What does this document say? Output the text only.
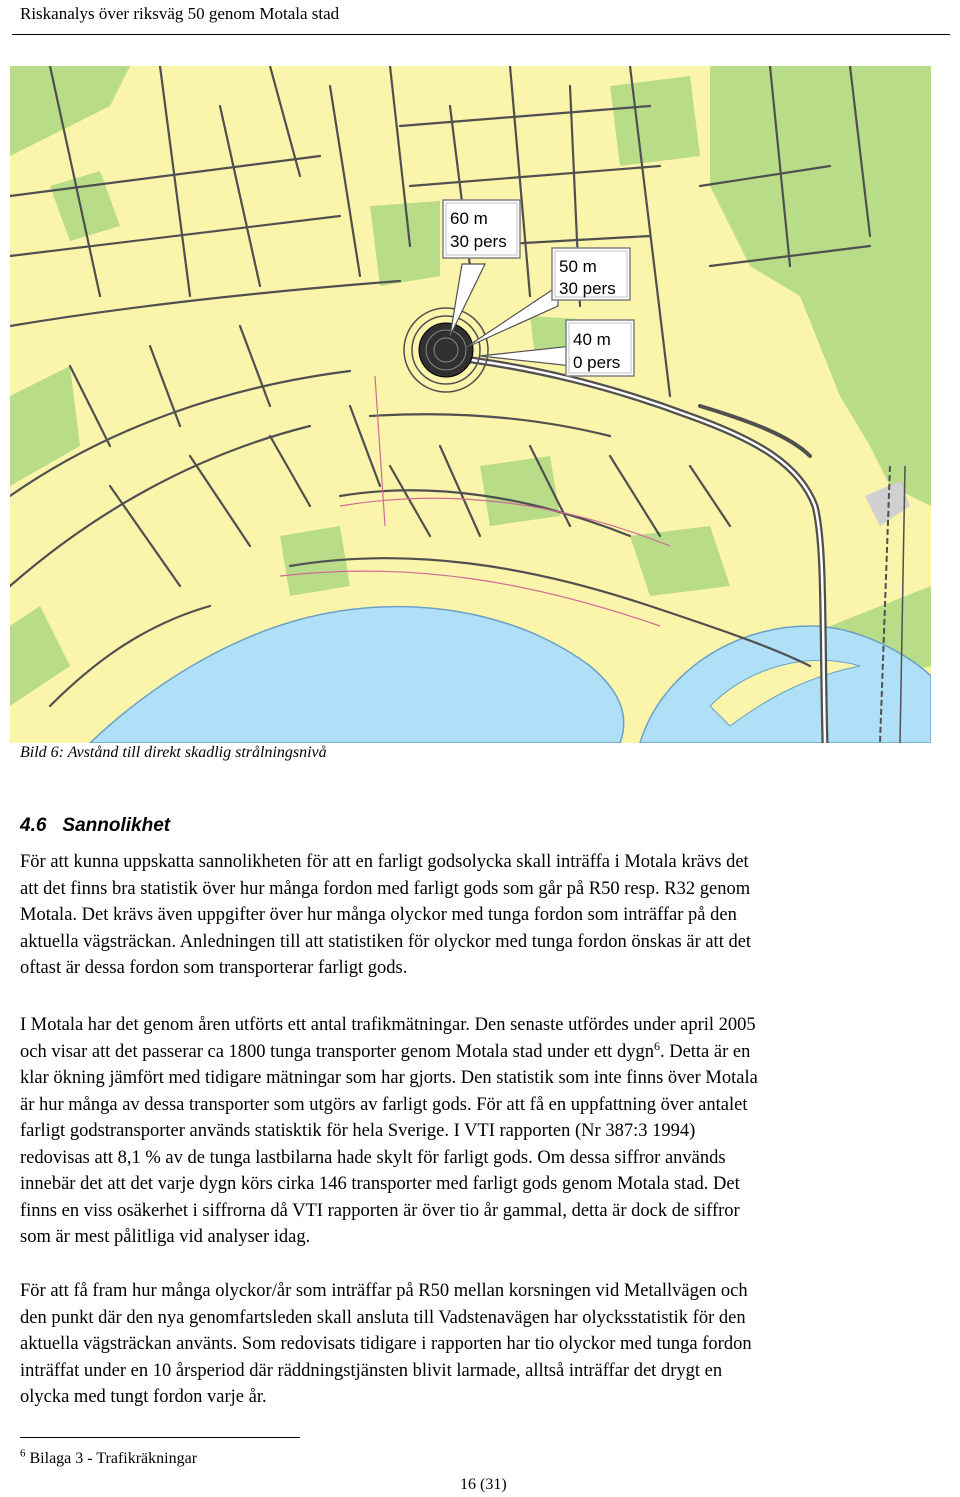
Riskanalys över riksväg 50 genom Motala stad
60 m
30 pers
50 m
30 pers
40 m
0 pers
Bild 6: Avstånd till direkt skadlig strålningsnivå
4.6 Sannolikhet
För att kunna uppskatta sannolikheten för att en farligt godsolycka skall inträffa i Motala krävs det
att det finns bra statistik över hur många fordon med farligt gods som går på R50 resp. R32 genom
Motala. Det krävs även uppgifter över hur många olyckor med tunga fordon som inträffar på den
aktuella vägsträckan. Anledningen till att statistiken för olyckor med tunga fordon önskas är att det
oftast är dessa fordon som transporterar farligt gods.
I Motala har det genom åren utförts ett antal trafikmätningar. Den senaste utfördes under april 2005
och visar att det passerar ca 1800 tunga transporter genom Motala stad under ett dygn$^6$. Detta är en
klar ökning jämfört med tidigare mätningar som har gjorts. Den statistik som inte finns över Motala
är hur många av dessa transporter som utgörs av farligt gods. För att få en uppfattning över antalet
farligt godstransporter används statisktik för hela Sverige. I VTI rapporten (Nr 387:3 1994)
redovisas att 8,1 % av de tunga lastbilarna hade skylt för farligt gods. Om dessa siffror används
innebär det att det varje dygn körs cirka 146 transporter med farligt gods genom Motala stad. Det
finns en viss osäkerhet i siffrorna då VTI rapporten är över tio år gammal, detta är dock de siffror
som är mest pålitliga vid analyser idag.
För att få fram hur många olyckor/år som inträffar på R50 mellan korsningen vid Metallvägen och
den punkt där den nya genomfartsleden skall ansluta till Vadstenavägen har olycksstatistik för den
aktuella vägsträckan använts. Som redovisats tidigare i rapporten har tio olyckor med tunga fordon
inträffat under en 10 årsperiod där räddningstjänsten blivit larmade, alltså inträffar det drygt en
olycka med tungt fordon varje år.
$^6$ Bilaga 3 - Trafikräkningar
16 (31)
